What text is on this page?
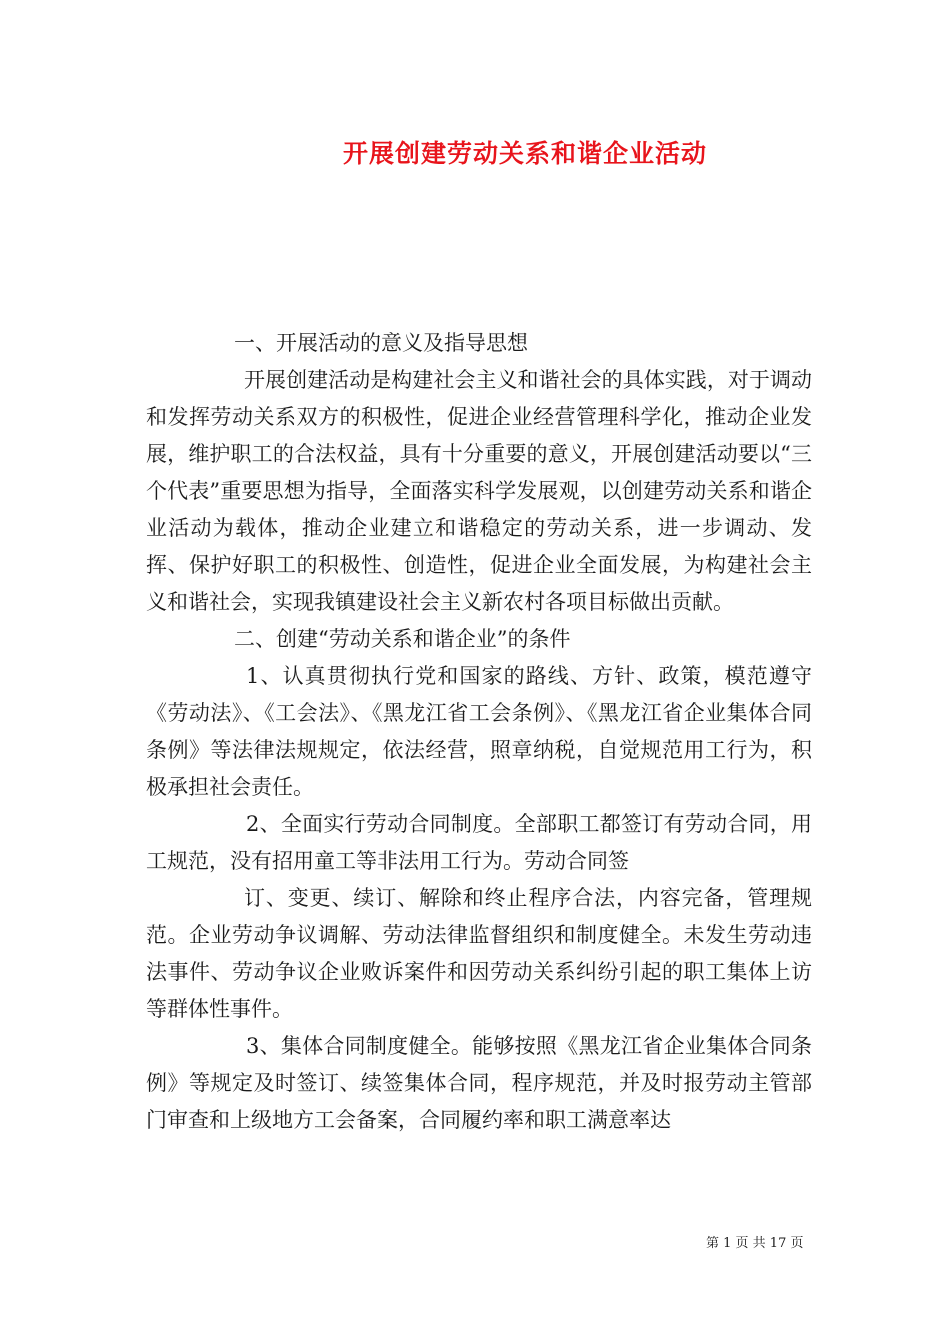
开展创建劳动关系和谐企业活动

一、开展活动的意义及指导思想

开展创建活动是构建社会主义和谐社会的具体实践，对于调动和发挥劳动关系双方的积极性，促进企业经营管理科学化，推动企业发展，维护职工的合法权益，具有十分重要的意义，开展创建活动要以“三个代表”重要思想为指导，全面落实科学发展观，以创建劳动关系和谐企业活动为载体，推动企业建立和谐稳定的劳动关系，进一步调动、发挥、保护好职工的积极性、创造性，促进企业全面发展，为构建社会主义和谐社会，实现我镇建设社会主义新农村各项目标做出贡献。

二、创建“劳动关系和谐企业”的条件

1、认真贯彻执行党和国家的路线、方针、政策，模范遵守《劳动法》、《工会法》、《黑龙江省工会条例》、《黑龙江省企业集体合同条例》等法律法规规定，依法经营，照章纳税，自觉规范用工行为，积极承担社会责任。

2、全面实行劳动合同制度。全部职工都签订有劳动合同，用工规范，没有招用童工等非法用工行为。劳动合同签

订、变更、续订、解除和终止程序合法，内容完备，管理规范。企业劳动争议调解、劳动法律监督组织和制度健全。未发生劳动违法事件、劳动争议企业败诉案件和因劳动关系纠纷引起的职工集体上访等群体性事件。

3、集体合同制度健全。能够按照《黑龙江省企业集体合同条例》等规定及时签订、续签集体合同，程序规范，并及时报劳动主管部门审查和上级地方工会备案，合同履约率和职工满意率达

第 1 页 共 17 页
